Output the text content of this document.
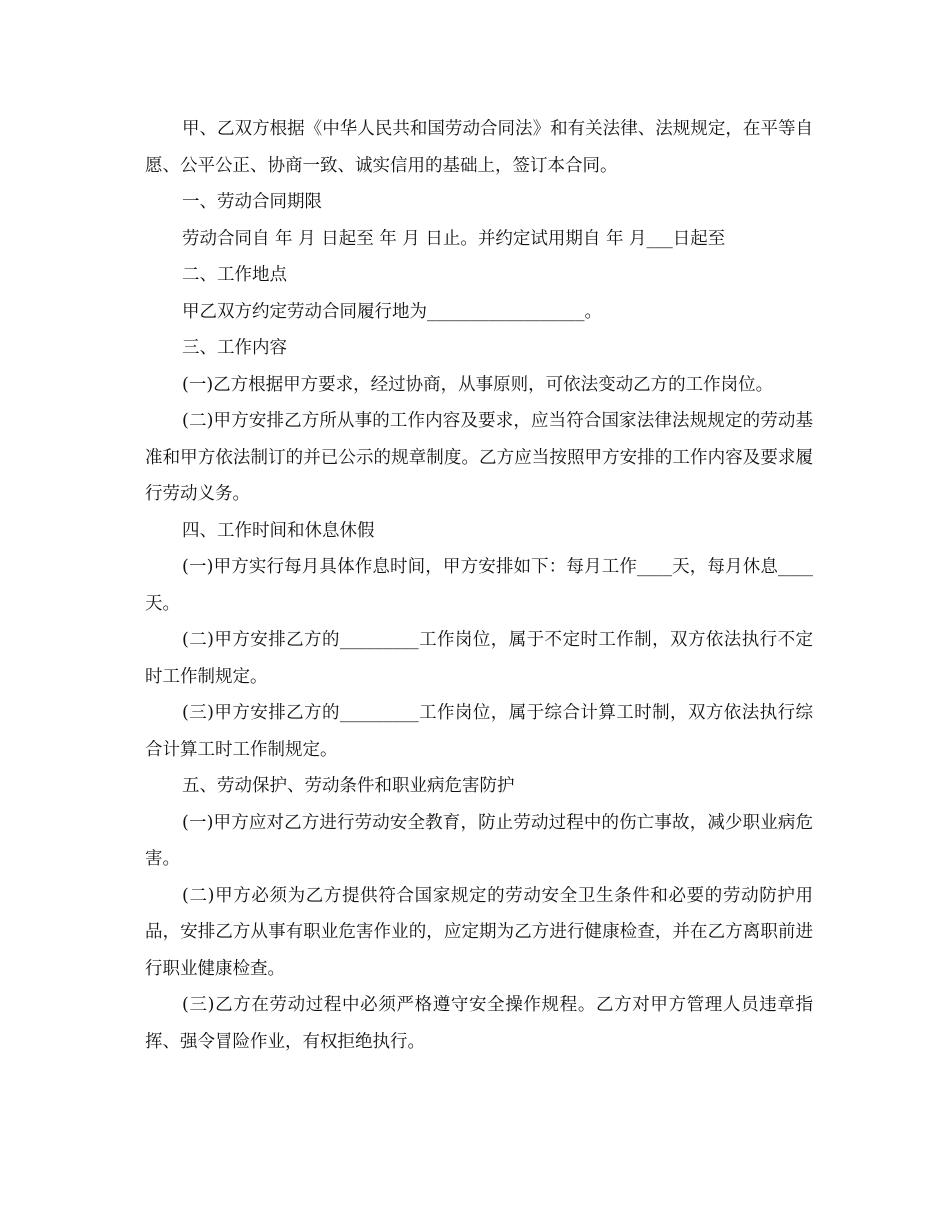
甲、乙双方根据《中华人民共和国劳动合同法》和有关法律、法规规定，在平等自愿、公平公正、协商一致、诚实信用的基础上，签订本合同。

一、劳动合同期限

劳动合同自 年 月 日起至 年 月 日止。并约定试用期自 年 月___日起至

二、工作地点

甲乙双方约定劳动合同履行地为__________________。

三、工作内容

(一)乙方根据甲方要求，经过协商，从事原则，可依法变动乙方的工作岗位。

(二)甲方安排乙方所从事的工作内容及要求，应当符合国家法律法规规定的劳动基准和甲方依法制订的并已公示的规章制度。乙方应当按照甲方安排的工作内容及要求履行劳动义务。

四、工作时间和休息休假

(一)甲方实行每月具体作息时间，甲方安排如下：每月工作____天，每月休息____天。

(二)甲方安排乙方的_________工作岗位，属于不定时工作制，双方依法执行不定时工作制规定。

(三)甲方安排乙方的_________工作岗位，属于综合计算工时制，双方依法执行综合计算工时工作制规定。

五、劳动保护、劳动条件和职业病危害防护

(一)甲方应对乙方进行劳动安全教育，防止劳动过程中的伤亡事故，减少职业病危害。

(二)甲方必须为乙方提供符合国家规定的劳动安全卫生条件和必要的劳动防护用品，安排乙方从事有职业危害作业的，应定期为乙方进行健康检查，并在乙方离职前进行职业健康检查。

(三)乙方在劳动过程中必须严格遵守安全操作规程。乙方对甲方管理人员违章指挥、强令冒险作业，有权拒绝执行。
